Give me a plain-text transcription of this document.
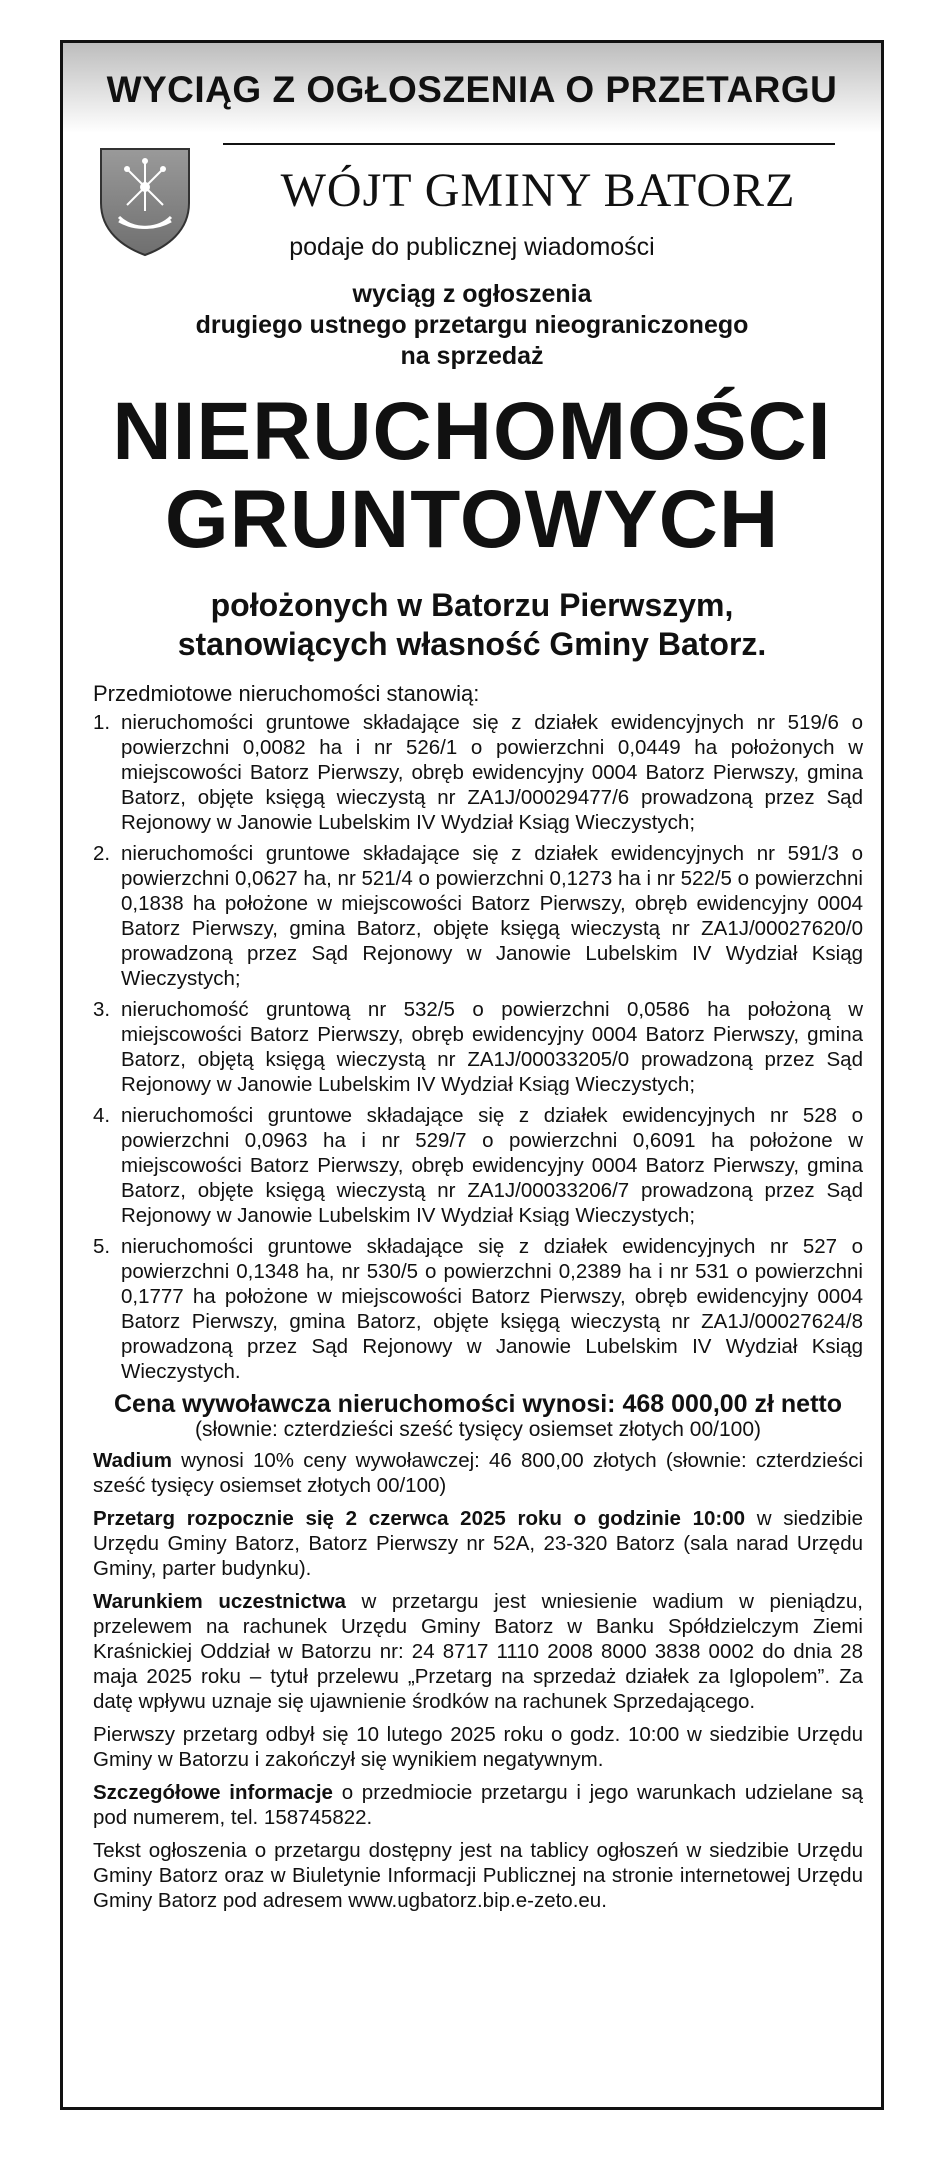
WYCIĄG Z OGŁOSZENIA O PRZETARGU
WÓJT GMINY BATORZ
podaje do publicznej wiadomości
wyciąg z ogłoszenia
drugiego ustnego przetargu nieograniczonego
na sprzedaż
NIERUCHOMOŚCI
GRUNTOWYCH
położonych w Batorzu Pierwszym,
stanowiących własność Gminy Batorz.
Przedmiotowe nieruchomości stanowią:
1. nieruchomości gruntowe składające się z działek ewidencyjnych nr 519/6 o powierzchni 0,0082 ha i nr 526/1 o powierzchni 0,0449 ha położonych w miejscowości Batorz Pierwszy, obręb ewidencyjny 0004 Batorz Pierwszy, gmina Batorz, objęte księgą wieczystą nr ZA1J/00029477/6 prowadzoną przez Sąd Rejonowy w Janowie Lubelskim IV Wydział Ksiąg Wieczystych;
2. nieruchomości gruntowe składające się z działek ewidencyjnych nr 591/3 o powierzchni 0,0627 ha, nr 521/4 o powierzchni 0,1273 ha i nr 522/5 o powierzchni 0,1838 ha położone w miejscowości Batorz Pierwszy, obręb ewidencyjny 0004 Batorz Pierwszy, gmina Batorz, objęte księgą wieczystą nr ZA1J/00027620/0 prowadzoną przez Sąd Rejonowy w Janowie Lubelskim IV Wydział Ksiąg Wieczystych;
3. nieruchomość gruntową nr 532/5 o powierzchni 0,0586 ha położoną w miejscowości Batorz Pierwszy, obręb ewidencyjny 0004 Batorz Pierwszy, gmina Batorz, objętą księgą wieczystą nr ZA1J/00033205/0 prowadzoną przez Sąd Rejonowy w Janowie Lubelskim IV Wydział Ksiąg Wieczystych;
4. nieruchomości gruntowe składające się z działek ewidencyjnych nr 528 o powierzchni 0,0963 ha i nr 529/7 o powierzchni 0,6091 ha położone w miejscowości Batorz Pierwszy, obręb ewidencyjny 0004 Batorz Pierwszy, gmina Batorz, objęte księgą wieczystą nr ZA1J/00033206/7 prowadzoną przez Sąd Rejonowy w Janowie Lubelskim IV Wydział Ksiąg Wieczystych;
5. nieruchomości gruntowe składające się z działek ewidencyjnych nr 527 o powierzchni 0,1348 ha, nr 530/5 o powierzchni 0,2389 ha i nr 531 o powierzchni 0,1777 ha położone w miejscowości Batorz Pierwszy, obręb ewidencyjny 0004 Batorz Pierwszy, gmina Batorz, objęte księgą wieczystą nr ZA1J/00027624/8 prowadzoną przez Sąd Rejonowy w Janowie Lubelskim IV Wydział Ksiąg Wieczystych.
Cena wywoławcza nieruchomości wynosi: 468 000,00 zł netto
(słownie: czterdzieści sześć tysięcy osiemset złotych 00/100)

Wadium wynosi 10% ceny wywoławczej: 46 800,00 złotych (słownie: czterdzieści sześć tysięcy osiemset złotych 00/100)

Przetarg rozpocznie się 2 czerwca 2025 roku o godzinie 10:00 w siedzibie Urzędu Gminy Batorz, Batorz Pierwszy nr 52A, 23-320 Batorz (sala narad Urzędu Gminy, parter budynku).

Warunkiem uczestnictwa w przetargu jest wniesienie wadium w pieniądzu, przelewem na rachunek Urzędu Gminy Batorz w Banku Spółdzielczym Ziemi Kraśnickiej Oddział w Batorzu nr: 24 8717 1110 2008 8000 3838 0002 do dnia 28 maja 2025 roku – tytuł przelewu „Przetarg na sprzedaż działek za Iglopolem”. Za datę wpływu uznaje się ujawnienie środków na rachunek Sprzedającego.

Pierwszy przetarg odbył się 10 lutego 2025 roku o godz. 10:00 w siedzibie Urzędu Gminy w Batorzu i zakończył się wynikiem negatywnym.

Szczegółowe informacje o przedmiocie przetargu i jego warunkach udzielane są pod numerem, tel. 158745822.

Tekst ogłoszenia o przetargu dostępny jest na tablicy ogłoszeń w siedzibie Urzędu Gminy Batorz oraz w Biuletynie Informacji Publicznej na stronie internetowej Urzędu Gminy Batorz pod adresem www.ugbatorz.bip.e-zeto.eu.
